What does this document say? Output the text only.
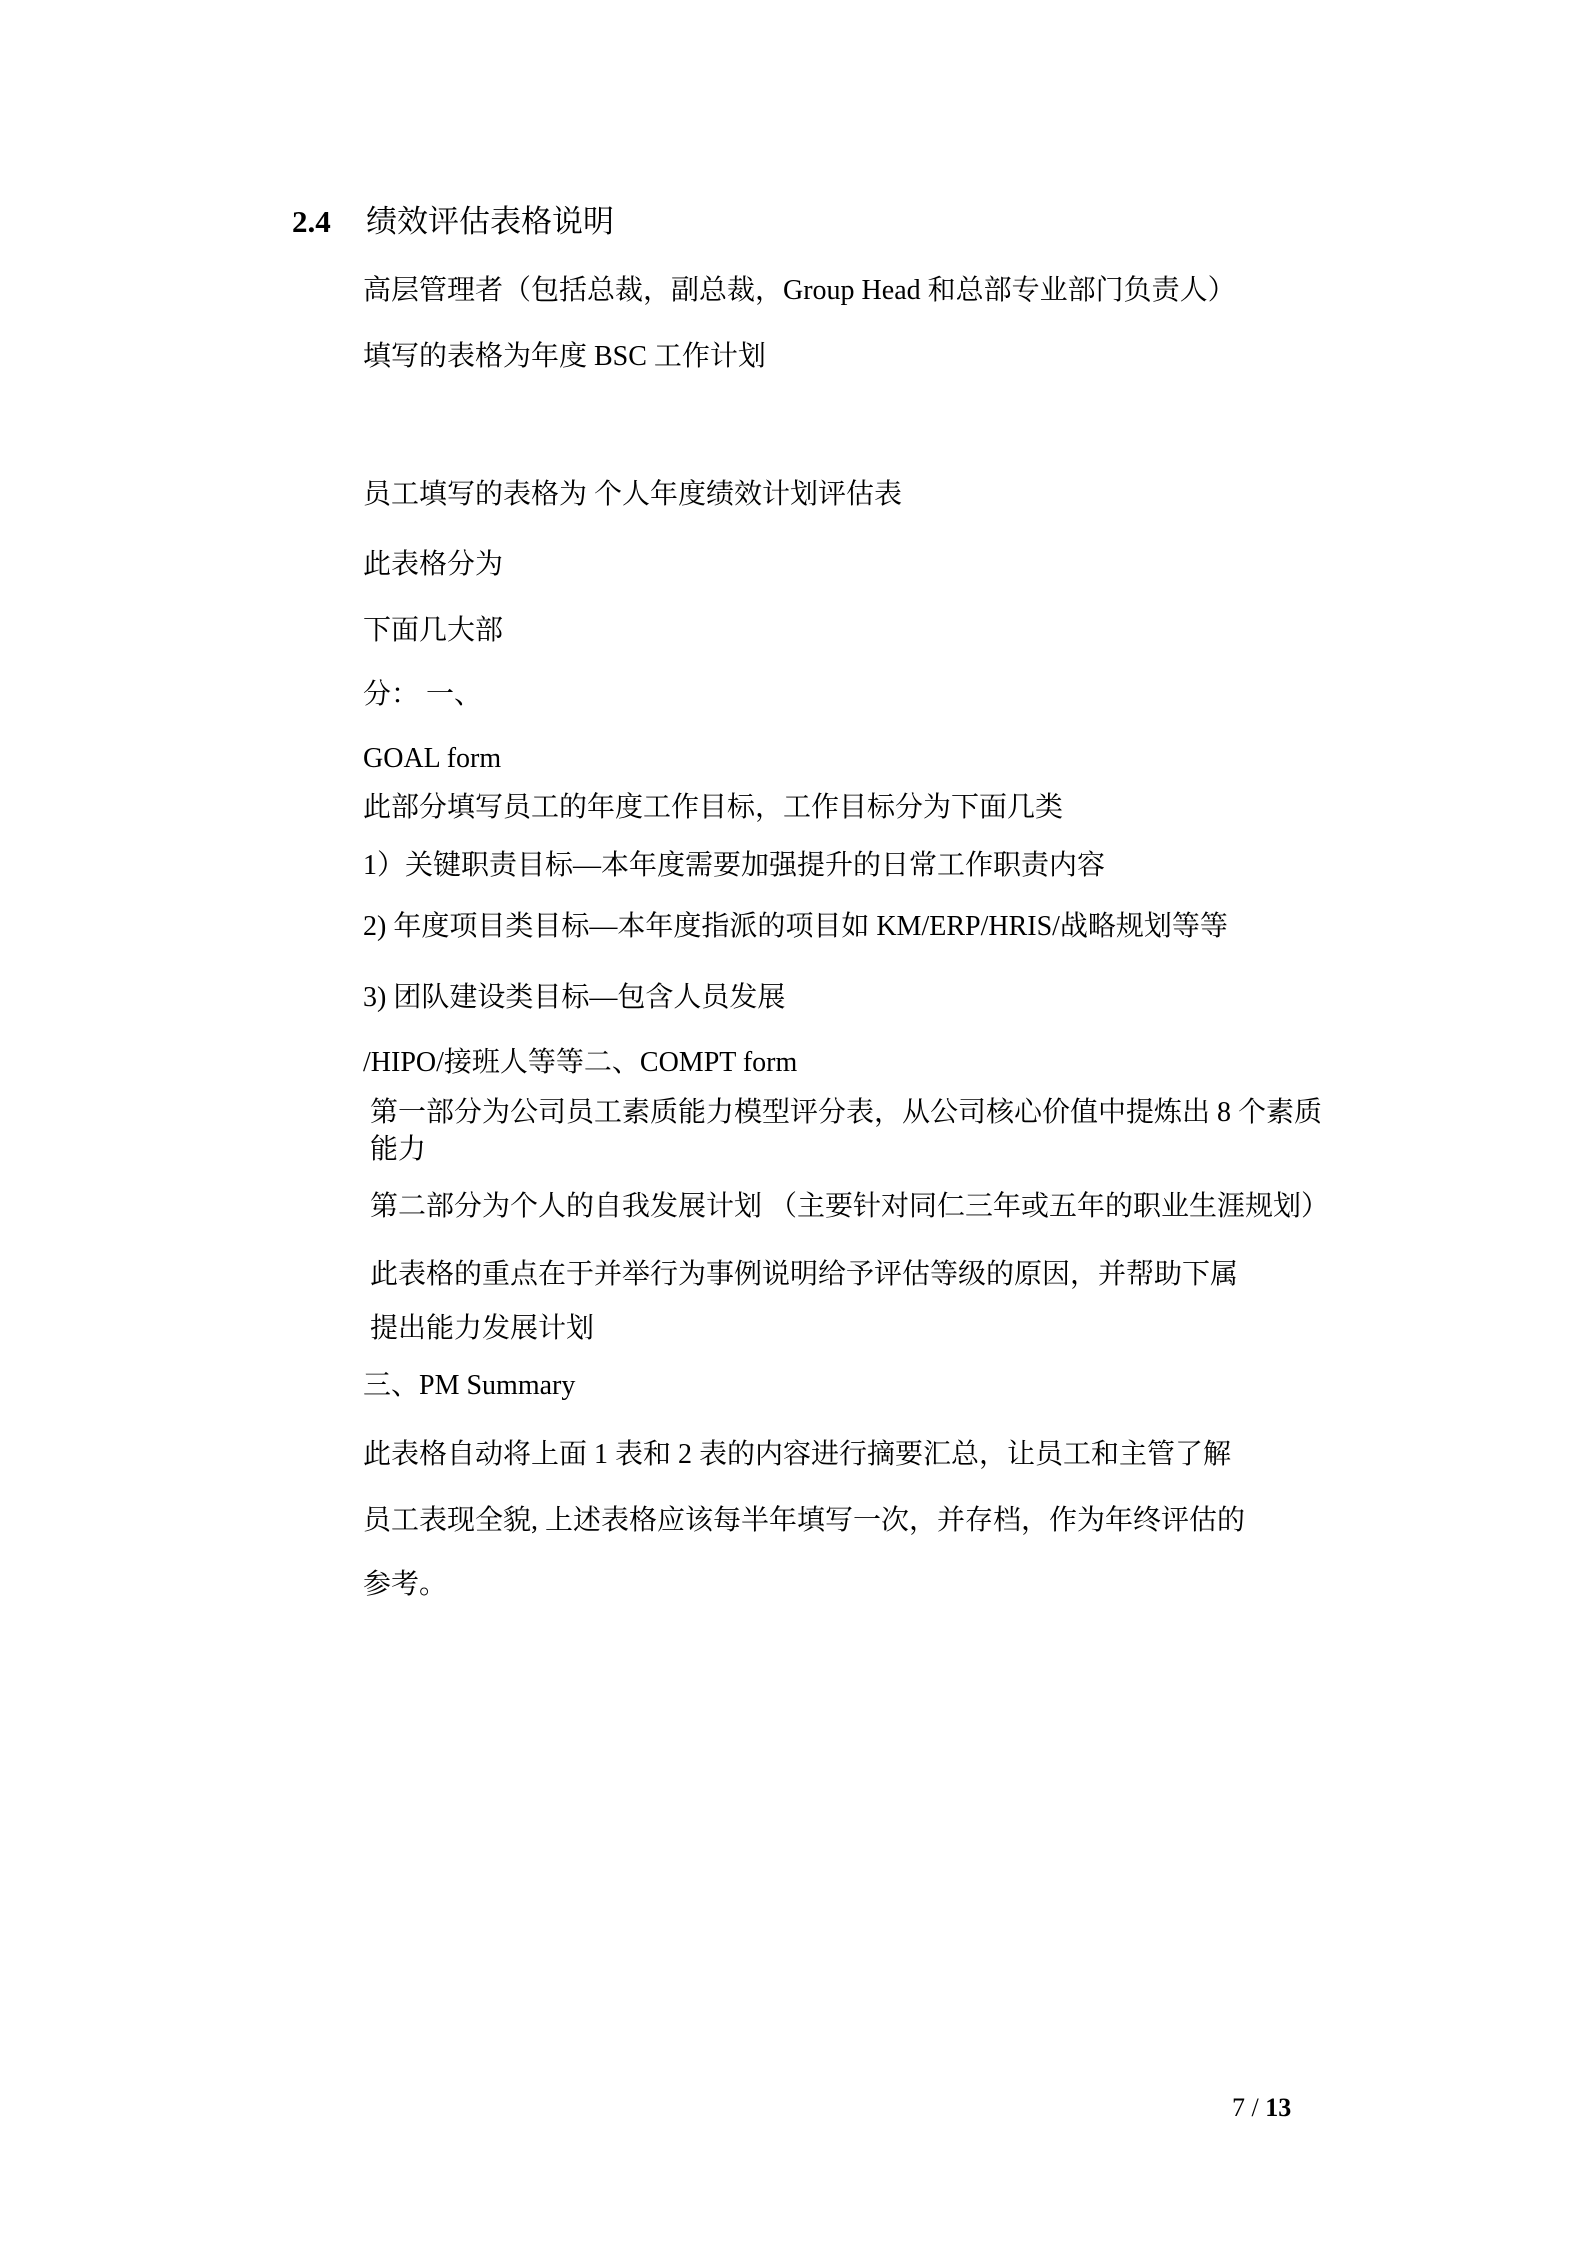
2.4 绩效评估表格说明
高层管理者（包括总裁，副总裁，Group Head 和总部专业部门负责人）
填写的表格为年度 BSC 工作计划
员工填写的表格为 个人年度绩效计划评估表
此表格分为
下面几大部
分： 一、
GOAL form
此部分填写员工的年度工作目标，工作目标分为下面几类
1）关键职责目标—本年度需要加强提升的日常工作职责内容
2) 年度项目类目标—本年度指派的项目如 KM/ERP/HRIS/战略规划等等
3) 团队建设类目标—包含人员发展
/HIPO/接班人等等二、COMPT form
第一部分为公司员工素质能力模型评分表，从公司核心价值中提炼出 8 个素质
能力
第二部分为个人的自我发展计划 （主要针对同仁三年或五年的职业生涯规划）
此表格的重点在于并举行为事例说明给予评估等级的原因，并帮助下属
提出能力发展计划
三、PM Summary
此表格自动将上面 1 表和 2 表的内容进行摘要汇总，让员工和主管了解
员工表现全貌, 上述表格应该每半年填写一次，并存档，作为年终评估的
参考。
7 / 13
